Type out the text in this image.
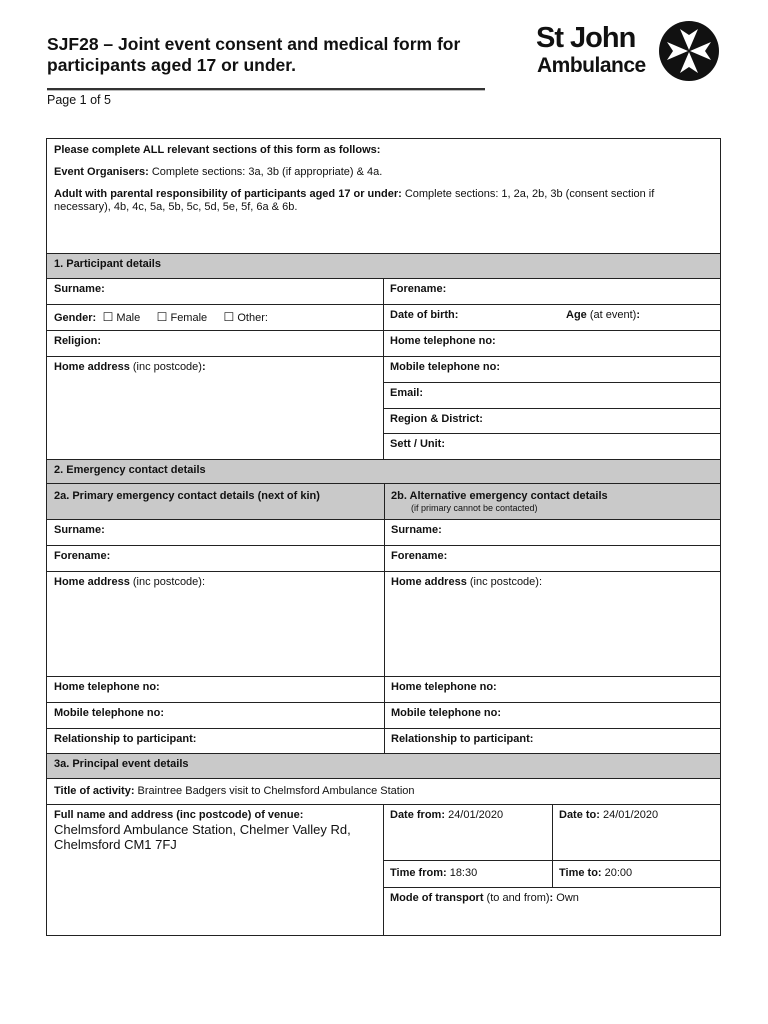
SJF28 – Joint event consent and medical form for participants aged 17 or under.
Page 1 of 5
St John
Ambulance

Please complete ALL relevant sections of this form as follows:

Event Organisers: Complete sections: 3a, 3b (if appropriate) & 4a.

Adult with parental responsibility of participants aged 17 or under: Complete sections: 1, 2a, 2b, 3b (consent section if necessary), 4b, 4c, 5a, 5b, 5c, 5d, 5e, 5f, 6a & 6b.

1. Participant details
Surname:	Forename:
Gender:  ☐ Male     ☐ Female     ☐ Other:	Date of birth:	Age (at event):
Religion:	Home telephone no:
Home address (inc postcode):	Mobile telephone no:
Email:
Region & District:
Sett / Unit:
2. Emergency contact details
2a. Primary emergency contact details (next of kin)	2b. Alternative emergency contact details
(if primary cannot be contacted)
Surname:	Surname:
Forename:	Forename:
Home address (inc postcode):	Home address (inc postcode):
Home telephone no:	Home telephone no:
Mobile telephone no:	Mobile telephone no:
Relationship to participant:	Relationship to participant:
3a. Principal event details
Title of activity: Braintree Badgers visit to Chelmsford Ambulance Station
Full name and address (inc postcode) of venue:
Chelmsford Ambulance Station, Chelmer Valley Rd,
Chelmsford CM1 7FJ
Date from: 24/01/2020	Date to: 24/01/2020
Time from: 18:30	Time to: 20:00
Mode of transport (to and from): Own
